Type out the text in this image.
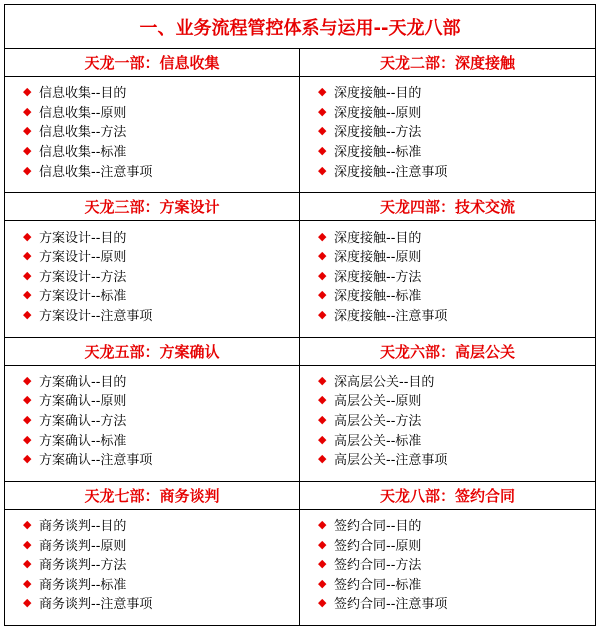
一、业务流程管控体系与运用--天龙八部
天龙一部：信息收集
◆ 信息收集--目的
◆ 信息收集--原则
◆ 信息收集--方法
◆ 信息收集--标准
◆ 信息收集--注意事项
天龙二部：深度接触
◆ 深度接触--目的
◆ 深度接触--原则
◆ 深度接触--方法
◆ 深度接触--标准
◆ 深度接触--注意事项
天龙三部：方案设计
◆ 方案设计--目的
◆ 方案设计--原则
◆ 方案设计--方法
◆ 方案设计--标准
◆ 方案设计--注意事项
天龙四部：技术交流
◆ 深度接触--目的
◆ 深度接触--原则
◆ 深度接触--方法
◆ 深度接触--标准
◆ 深度接触--注意事项
天龙五部：方案确认
◆ 方案确认--目的
◆ 方案确认--原则
◆ 方案确认--方法
◆ 方案确认--标准
◆ 方案确认--注意事项
天龙六部：高层公关
◆ 深高层公关--目的
◆ 高层公关--原则
◆ 高层公关--方法
◆ 高层公关--标准
◆ 高层公关--注意事项
天龙七部：商务谈判
◆ 商务谈判--目的
◆ 商务谈判--原则
◆ 商务谈判--方法
◆ 商务谈判--标准
◆ 商务谈判--注意事项
天龙八部：签约合同
◆ 签约合同--目的
◆ 签约合同--原则
◆ 签约合同--方法
◆ 签约合同--标准
◆ 签约合同--注意事项
